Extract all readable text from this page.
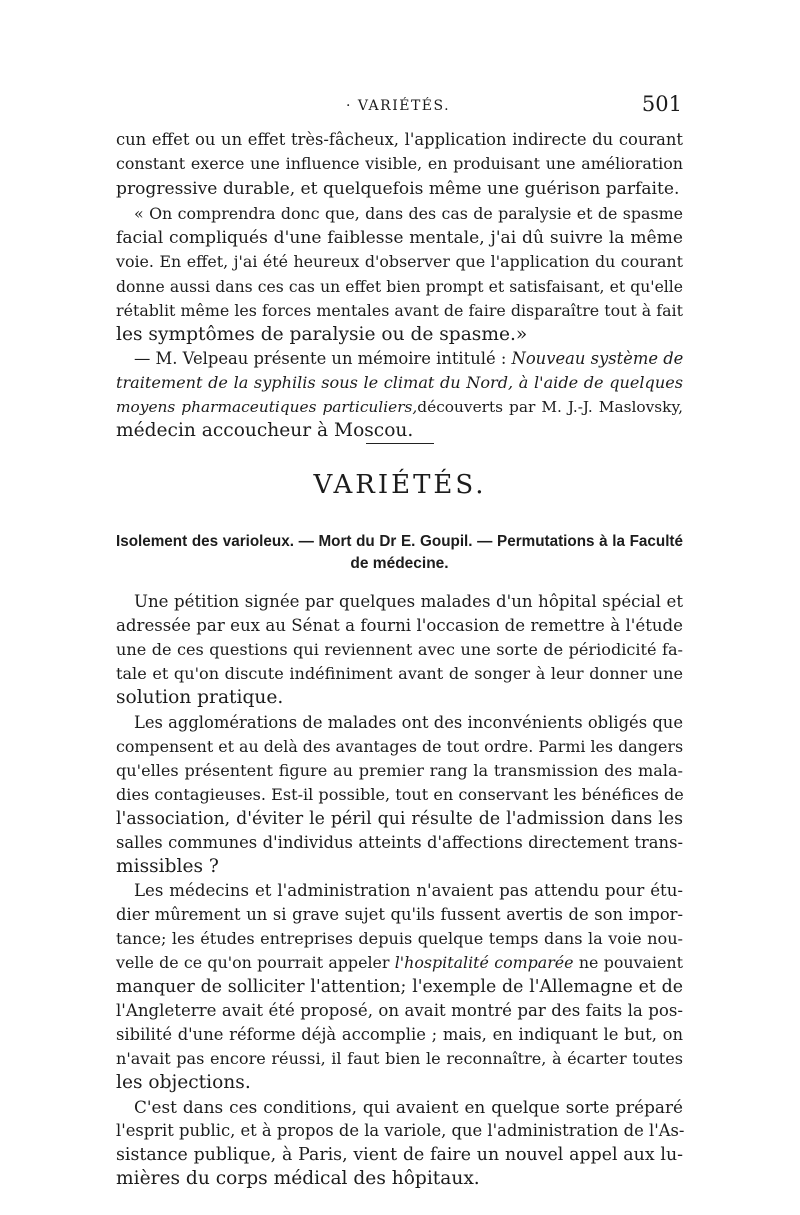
· VARIÉTÉS.	501
cun effet ou un effet très-fâcheux, l'application indirecte du courant
constant exerce une influence visible, en produisant une amélioration
progressive durable, et quelquefois même une guérison parfaite.
« On comprendra donc que, dans des cas de paralysie et de spasme
facial compliqués d'une faiblesse mentale, j'ai dû suivre la même
voie. En effet, j'ai été heureux d'observer que l'application du courant
donne aussi dans ces cas un effet bien prompt et satisfaisant, et qu'elle
rétablit même les forces mentales avant de faire disparaître tout à fait
les symptômes de paralysie ou de spasme.»
— M. Velpeau présente un mémoire intitulé : Nouveau système de
traitement de la syphilis sous le climat du Nord, à l'aide de quelques
moyens pharmaceutiques particuliers,découverts par M. J.-J. Maslovsky,
médecin accoucheur à Moscou.
VARIÉTÉS.
Isolement des varioleux. — Mort du Dr E. Goupil. — Permutations à la Faculté
de médecine.
Une pétition signée par quelques malades d'un hôpital spécial et
adressée par eux au Sénat a fourni l'occasion de remettre à l'étude
une de ces questions qui reviennent avec une sorte de périodicité fa-
tale et qu'on discute indéfiniment avant de songer à leur donner une
solution pratique.
Les agglomérations de malades ont des inconvénients obligés que
compensent et au delà des avantages de tout ordre. Parmi les dangers
qu'elles présentent figure au premier rang la transmission des mala-
dies contagieuses. Est-il possible, tout en conservant les bénéfices de
l'association, d'éviter le péril qui résulte de l'admission dans les
salles communes d'individus atteints d'affections directement trans-
missibles ?
Les médecins et l'administration n'avaient pas attendu pour étu-
dier mûrement un si grave sujet qu'ils fussent avertis de son impor-
tance; les études entreprises depuis quelque temps dans la voie nou-
velle de ce qu'on pourrait appeler l'hospitalité comparée ne pouvaient
manquer de solliciter l'attention; l'exemple de l'Allemagne et de
l'Angleterre avait été proposé, on avait montré par des faits la pos-
sibilité d'une réforme déjà accomplie ; mais, en indiquant le but, on
n'avait pas encore réussi, il faut bien le reconnaître, à écarter toutes
les objections.
C'est dans ces conditions, qui avaient en quelque sorte préparé
l'esprit public, et à propos de la variole, que l'administration de l'As-
sistance publique, à Paris, vient de faire un nouvel appel aux lu-
mières du corps médical des hôpitaux.
